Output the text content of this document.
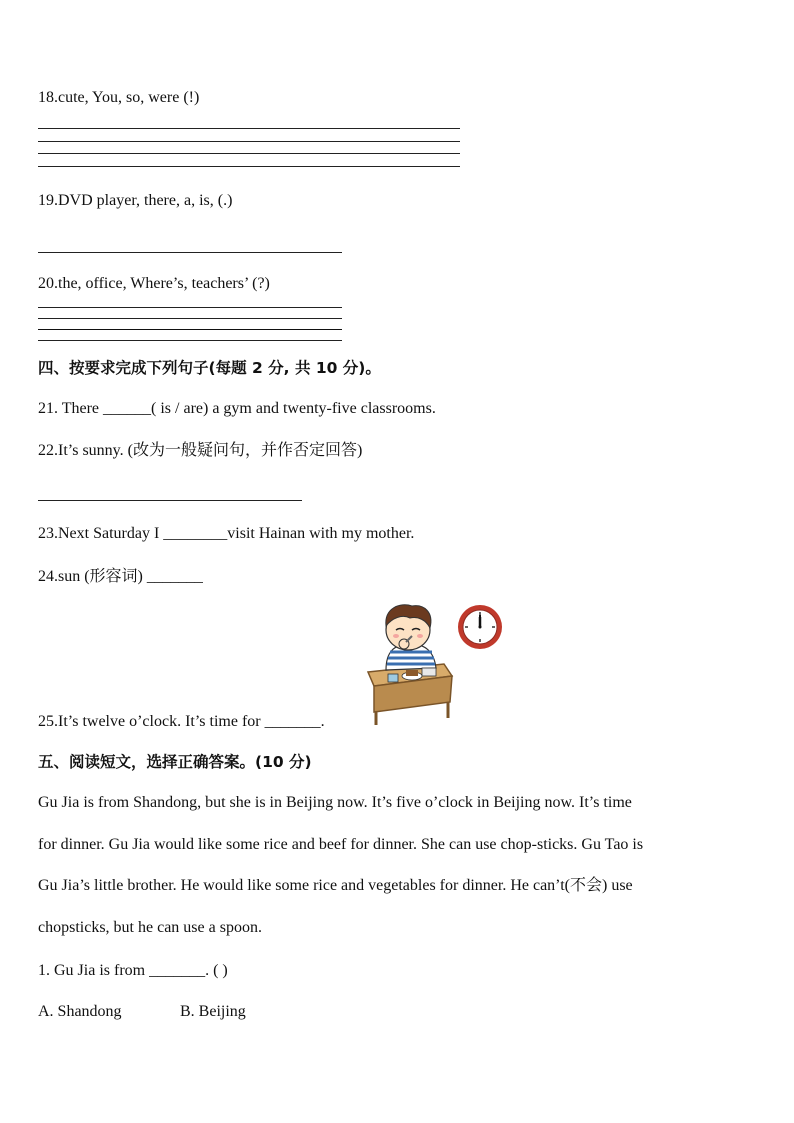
18.cute, You, so, were (!)
19.DVD player, there, a, is, (.)
20.the, office, Where’s, teachers’ (?)
四、按要求完成下列句子(每题 2 分, 共 10 分)。
21. There ______( is / are) a gym and twenty-five classrooms.
22.It’s sunny. (改为一般疑问句，并作否定回答)
23.Next Saturday I ________visit Hainan with my mother.
24.sun (形容词) _______
25.It’s twelve o’clock. It’s time for _______.
五、阅读短文，选择正确答案。(10 分)
Gu Jia is from Shandong, but she is in Beijing now. It’s five o’clock in Beijing now. It’s time
for dinner. Gu Jia would like some rice and beef for dinner. She can use chop-sticks. Gu Tao is
Gu Jia’s little brother. He would like some rice and vegetables for dinner. He can’t(不会) use
chopsticks, but he can use a spoon.
1. Gu Jia is from _______. ( )
A. Shandong	B. Beijing
